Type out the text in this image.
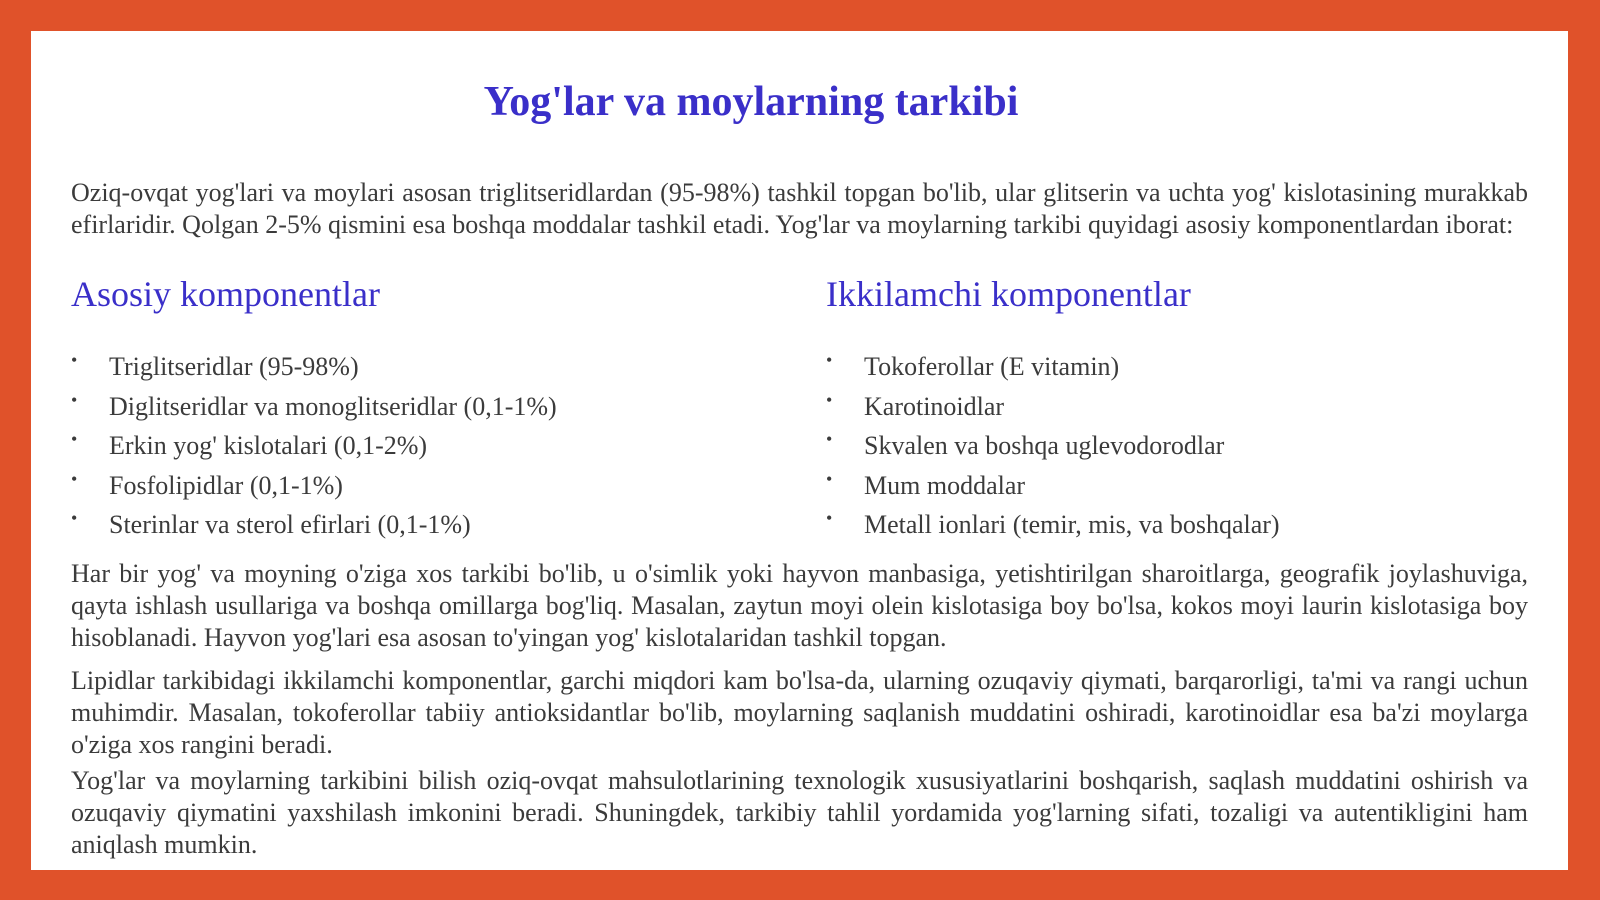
Yog'lar va moylarning tarkibi

Oziq-ovqat yog'lari va moylari asosan triglitseridlardan (95-98%) tashkil topgan bo'lib, ular glitserin va uchta yog' kislotasining murakkab efirlaridir. Qolgan 2-5% qismini esa boshqa moddalar tashkil etadi. Yog'lar va moylarning tarkibi quyidagi asosiy komponentlardan iborat:

Asosiy komponentlar	Ikkilamchi komponentlar
• Triglitseridlar (95-98%)
• Diglitseridlar va monoglitseridlar (0,1-1%)
• Erkin yog' kislotalari (0,1-2%)
• Fosfolipidlar (0,1-1%)
• Sterinlar va sterol efirlari (0,1-1%)
• Tokoferollar (E vitamin)
• Karotinoidlar
• Skvalen va boshqa uglevodorodlar
• Mum moddalar
• Metall ionlari (temir, mis, va boshqalar)

Har bir yog' va moyning o'ziga xos tarkibi bo'lib, u o'simlik yoki hayvon manbasiga, yetishtirilgan sharoitlarga, geografik joylashuviga, qayta ishlash usullariga va boshqa omillarga bog'liq. Masalan, zaytun moyi olein kislotasiga boy bo'lsa, kokos moyi laurin kislotasiga boy hisoblanadi. Hayvon yog'lari esa asosan to'yingan yog' kislotalaridan tashkil topgan.

Lipidlar tarkibidagi ikkilamchi komponentlar, garchi miqdori kam bo'lsa-da, ularning ozuqaviy qiymati, barqarorligi, ta'mi va rangi uchun muhimdir. Masalan, tokoferollar tabiiy antioksidantlar bo'lib, moylarning saqlanish muddatini oshiradi, karotinoidlar esa ba'zi moylarga o'ziga xos rangini beradi.

Yog'lar va moylarning tarkibini bilish oziq-ovqat mahsulotlarining texnologik xususiyatlarini boshqarish, saqlash muddatini oshirish va ozuqaviy qiymatini yaxshilash imkonini beradi. Shuningdek, tarkibiy tahlil yordamida yog'larning sifati, tozaligi va autentikligini ham aniqlash mumkin.
